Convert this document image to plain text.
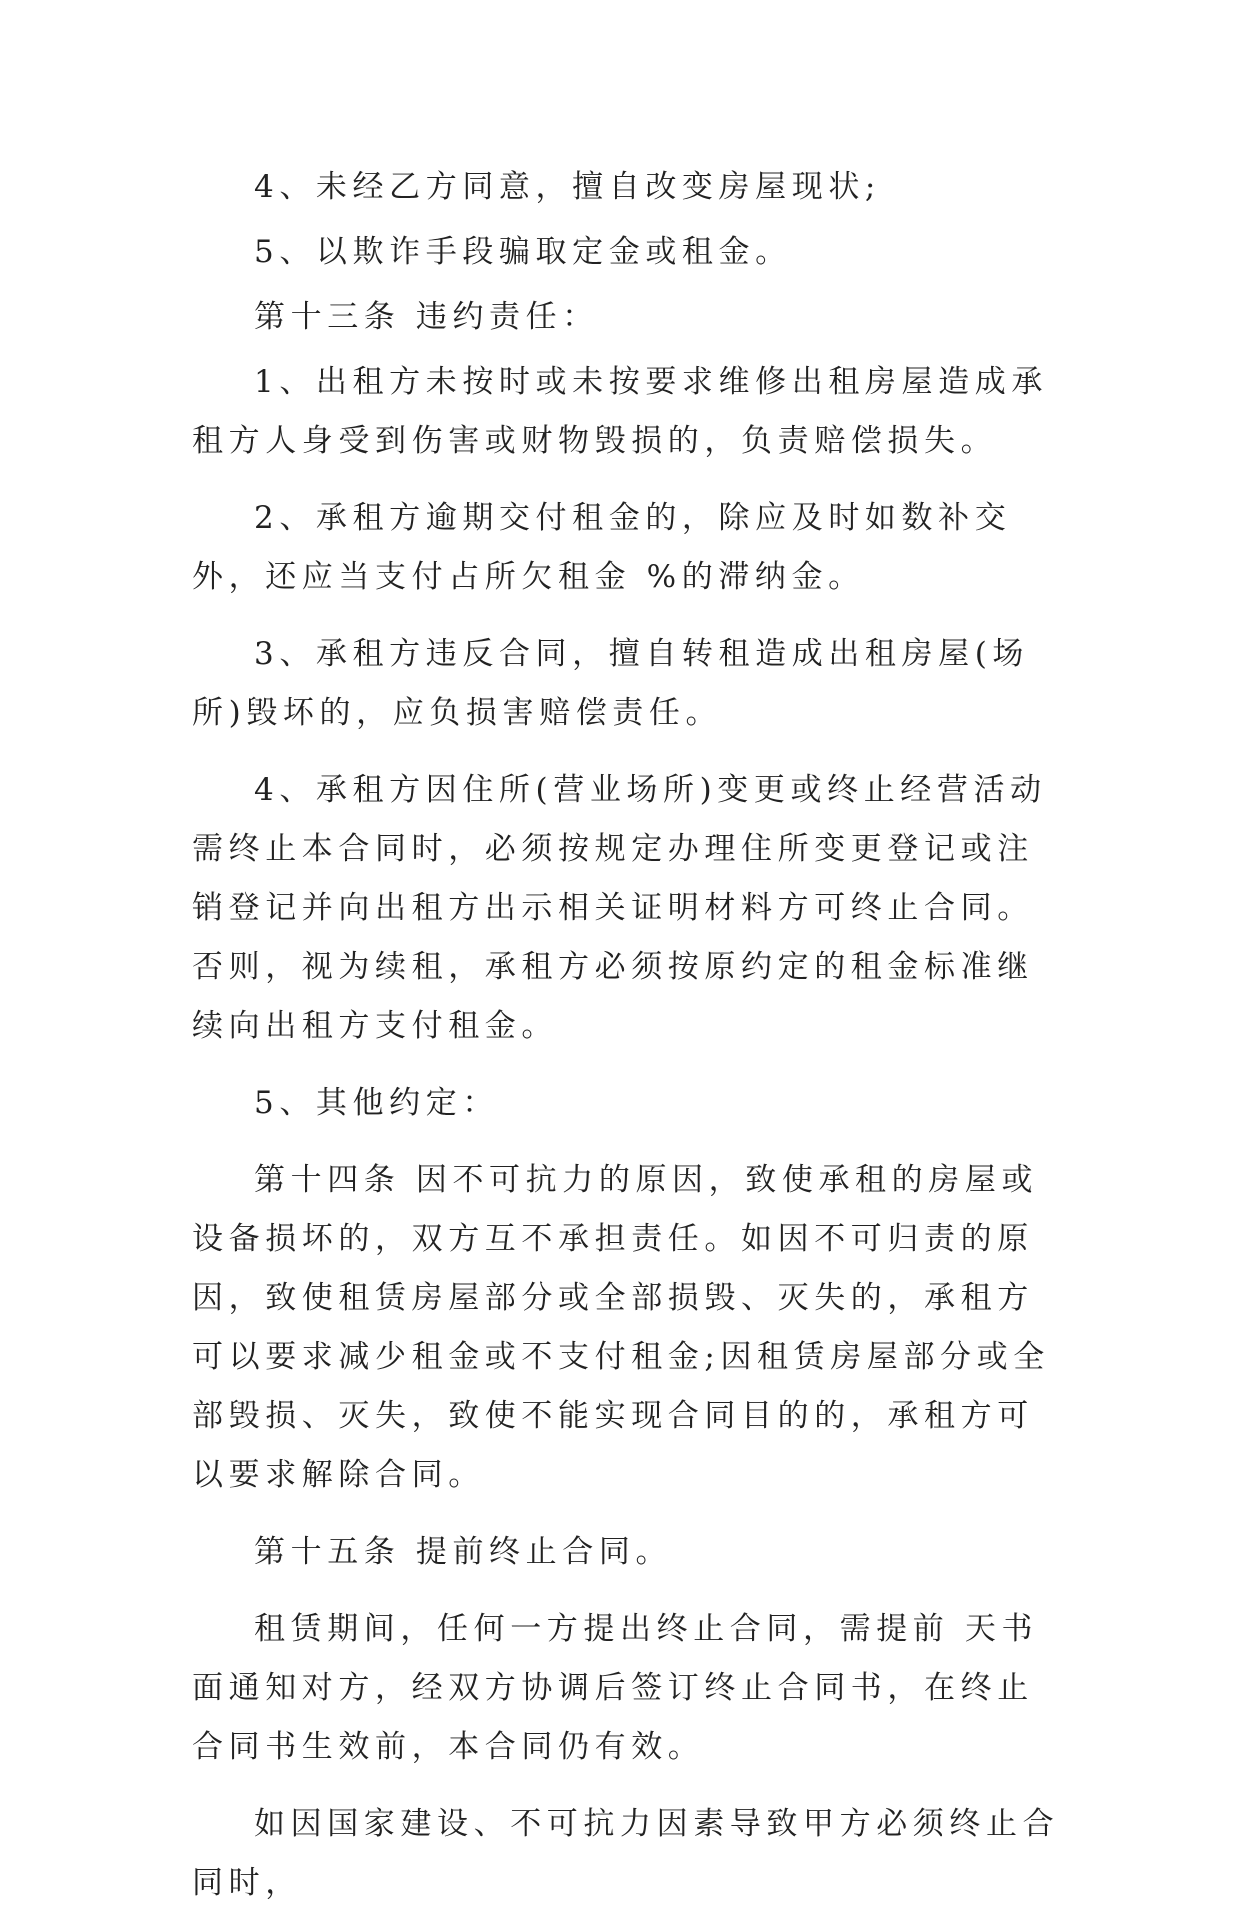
4、未经乙方同意，擅自改变房屋现状;

5、以欺诈手段骗取定金或租金。

第十三条 违约责任：

1、出租方未按时或未按要求维修出租房屋造成承租方人身受到伤害或财物毁损的，负责赔偿损失。

2、承租方逾期交付租金的，除应及时如数补交外，还应当支付占所欠租金 %的滞纳金。

3、承租方违反合同，擅自转租造成出租房屋(场所)毁坏的，应负损害赔偿责任。

4、承租方因住所(营业场所)变更或终止经营活动需终止本合同时，必须按规定办理住所变更登记或注销登记并向出租方出示相关证明材料方可终止合同。否则，视为续租，承租方必须按原约定的租金标准继续向出租方支付租金。

5、其他约定：

第十四条 因不可抗力的原因，致使承租的房屋或设备损坏的，双方互不承担责任。如因不可归责的原因，致使租赁房屋部分或全部损毁、灭失的，承租方可以要求减少租金或不支付租金;因租赁房屋部分或全部毁损、灭失，致使不能实现合同目的的，承租方可以要求解除合同。

第十五条 提前终止合同。

租赁期间，任何一方提出终止合同，需提前 天书面通知对方，经双方协调后签订终止合同书，在终止合同书生效前，本合同仍有效。

如因国家建设、不可抗力因素导致甲方必须终止合同时，
